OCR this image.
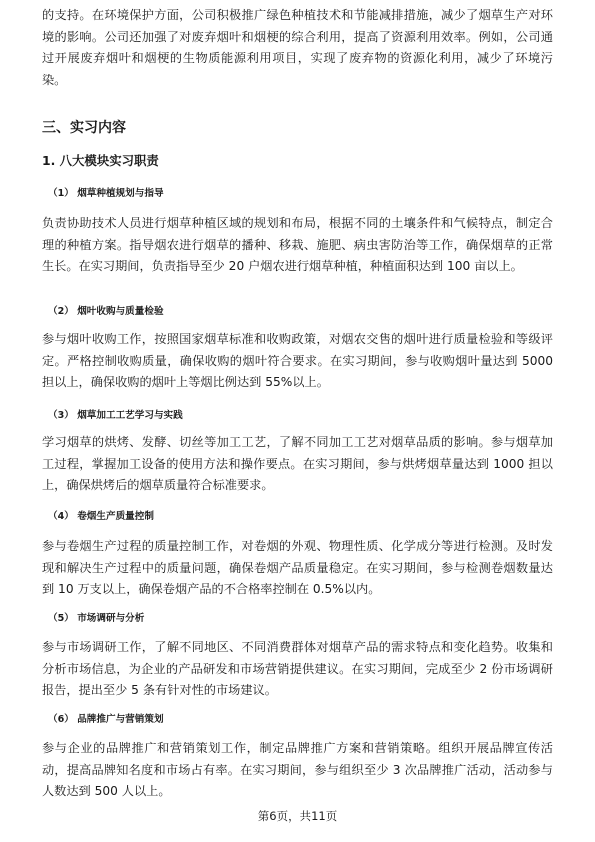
的支持。在环境保护方面，公司积极推广绿色种植技术和节能减排措施，减少了烟草生产对环境的影响。公司还加强了对废弃烟叶和烟梗的综合利用，提高了资源利用效率。例如，公司通过开展废弃烟叶和烟梗的生物质能源利用项目，实现了废弃物的资源化利用，减少了环境污染。

三、实习内容
1. 八大模块实习职责
（1） 烟草种植规划与指导

负责协助技术人员进行烟草种植区域的规划和布局，根据不同的土壤条件和气候特点，制定合理的种植方案。指导烟农进行烟草的播种、移栽、施肥、病虫害防治等工作，确保烟草的正常生长。在实习期间，负责指导至少 20 户烟农进行烟草种植，种植面积达到 100 亩以上。

（2） 烟叶收购与质量检验

参与烟叶收购工作，按照国家烟草标准和收购政策，对烟农交售的烟叶进行质量检验和等级评定。严格控制收购质量，确保收购的烟叶符合要求。在实习期间，参与收购烟叶量达到 5000 担以上，确保收购的烟叶上等烟比例达到 55%以上。

（3） 烟草加工工艺学习与实践

学习烟草的烘烤、发酵、切丝等加工工艺，了解不同加工工艺对烟草品质的影响。参与烟草加工过程，掌握加工设备的使用方法和操作要点。在实习期间，参与烘烤烟草量达到 1000 担以上，确保烘烤后的烟草质量符合标准要求。

（4） 卷烟生产质量控制

参与卷烟生产过程的质量控制工作，对卷烟的外观、物理性质、化学成分等进行检测。及时发现和解决生产过程中的质量问题，确保卷烟产品质量稳定。在实习期间，参与检测卷烟数量达到 10 万支以上，确保卷烟产品的不合格率控制在 0.5%以内。

（5） 市场调研与分析

参与市场调研工作，了解不同地区、不同消费群体对烟草产品的需求特点和变化趋势。收集和分析市场信息，为企业的产品研发和市场营销提供建议。在实习期间，完成至少 2 份市场调研报告，提出至少 5 条有针对性的市场建议。

（6） 品牌推广与营销策划

参与企业的品牌推广和营销策划工作，制定品牌推广方案和营销策略。组织开展品牌宣传活动，提高品牌知名度和市场占有率。在实习期间，参与组织至少 3 次品牌推广活动，活动参与人数达到 500 人以上。

第6页，共11页
